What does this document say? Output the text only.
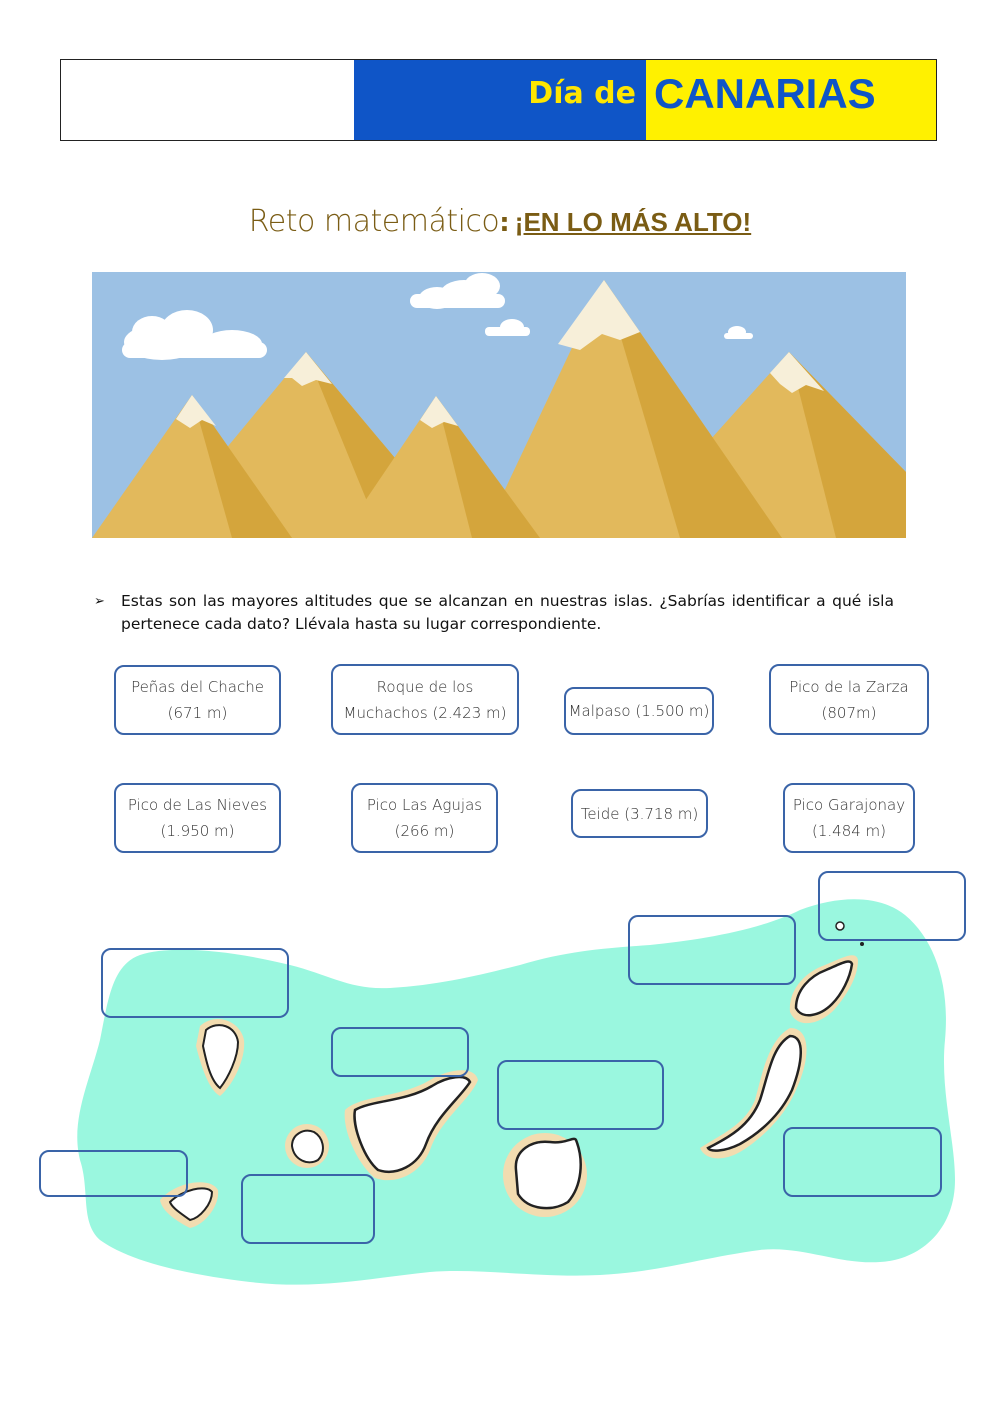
Día de CANARIAS
Reto matemático: ¡EN LO MÁS ALTO!
➢ Estas son las mayores altitudes que se alcanzan en nuestras islas. ¿Sabrías identificar a qué isla pertenece cada dato? Llévala hasta su lugar correspondiente.
Peñas del Chache
(671 m)
Roque de los
Muchachos (2.423 m)	Malpaso (1.500 m)
Pico de la Zarza
(807m)
Pico de Las Nieves
(1.950 m)
Pico Las Agujas
(266 m)
Teide (3.718 m)	Pico Garajonay
(1.484 m)
